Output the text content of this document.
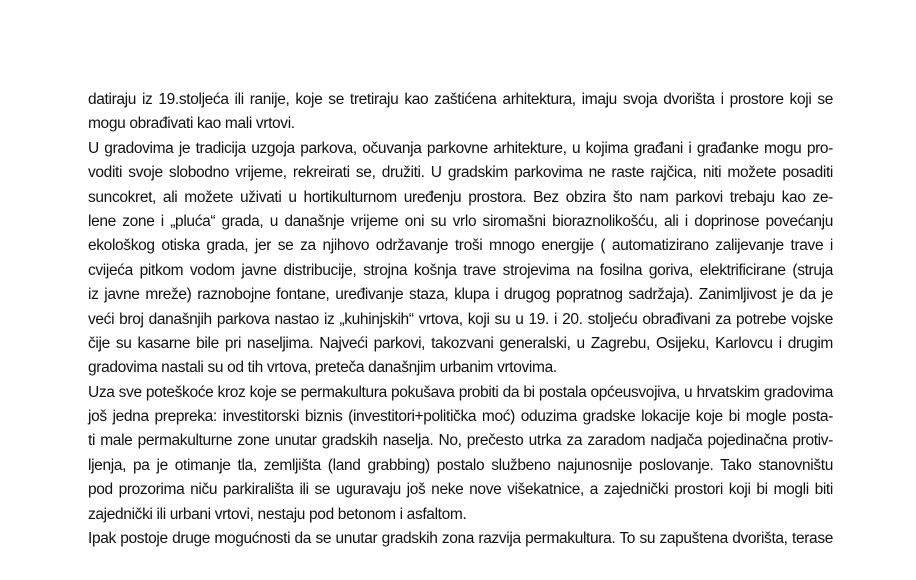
datiraju iz 19.stoljeća ili ranije, koje se tretiraju kao zaštićena arhitektura, imaju svoja dvorišta i prostore koji se
mogu obrađivati kao mali vrtovi.
U gradovima je tradicija uzgoja parkova, očuvanja parkovne arhitekture, u kojima građani i građanke mogu pro-
voditi svoje slobodno vrijeme, rekreirati se, družiti. U gradskim parkovima ne raste rajčica, niti možete posaditi
suncokret, ali možete uživati u hortikulturnom uređenju prostora. Bez obzira što nam parkovi trebaju kao ze-
lene zone i „pluća“ grada, u današnje vrijeme oni su vrlo siromašni bioraznolikošću, ali i doprinose povećanju
ekološkog otiska grada, jer se za njihovo održavanje troši mnogo energije ( automatizirano zalijevanje trave i
cvijeća pitkom vodom javne distribucije, strojna košnja trave strojevima na fosilna goriva, elektrificirane (struja
iz javne mreže) raznobojne fontane, uređivanje staza, klupa i drugog popratnog sadržaja). Zanimljivost je da je
veći broj današnjih parkova nastao iz „kuhinjskih“ vrtova, koji su u 19. i 20. stoljeću obrađivani za potrebe vojske
čije su kasarne bile pri naseljima. Najveći parkovi, takozvani generalski, u Zagrebu, Osijeku, Karlovcu i drugim
gradovima nastali su od tih vrtova, preteča današnjim urbanim vrtovima.
Uza sve poteškoće kroz koje se permakultura pokušava probiti da bi postala općeusvojiva, u hrvatskim gradovima
još jedna prepreka: investitorski biznis (investitori+politička moć) oduzima gradske lokacije koje bi mogle posta-
ti male permakulturne zone unutar gradskih naselja. No, prečesto utrka za zaradom nadjača pojedinačna protiv-
ljenja, pa je otimanje tla, zemljišta (land grabbing) postalo službeno najunosnije poslovanje. Tako stanovništu
pod prozorima niču parkirališta ili se uguravaju još neke nove višekatnice, a zajednički prostori koji bi mogli biti
zajednički ili urbani vrtovi, nestaju pod betonom i asfaltom.
Ipak postoje druge mogućnosti da se unutar gradskih zona razvija permakultura. To su zapuštena dvorišta, terase
